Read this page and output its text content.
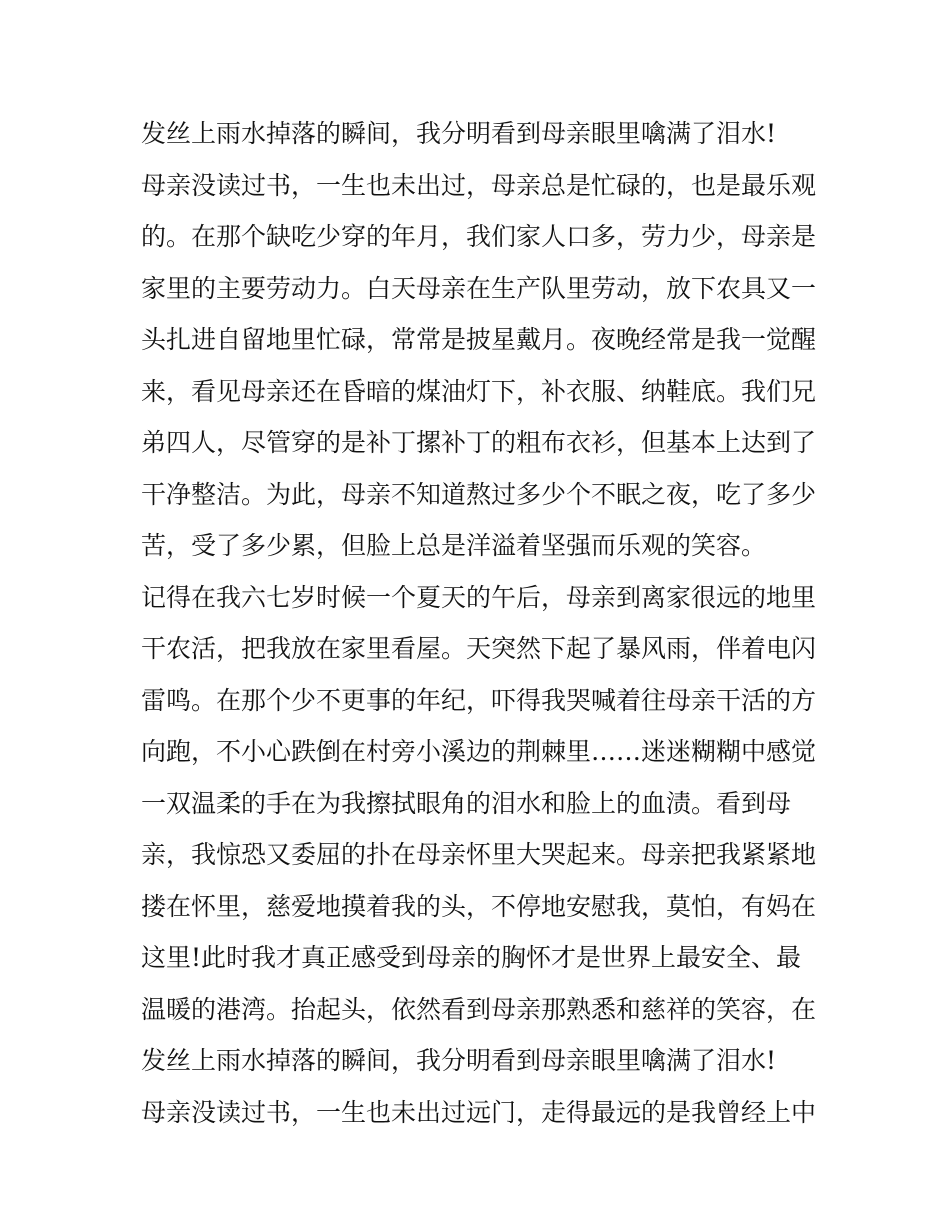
发丝上雨水掉落的瞬间，我分明看到母亲眼里噙满了泪水!
母亲没读过书，一生也未出过，母亲总是忙碌的，也是最乐观
的。在那个缺吃少穿的年月，我们家人口多，劳力少，母亲是
家里的主要劳动力。白天母亲在生产队里劳动，放下农具又一
头扎进自留地里忙碌，常常是披星戴月。夜晚经常是我一觉醒
来，看见母亲还在昏暗的煤油灯下，补衣服、纳鞋底。我们兄
弟四人，尽管穿的是补丁摞补丁的粗布衣衫，但基本上达到了
干净整洁。为此，母亲不知道熬过多少个不眠之夜，吃了多少
苦，受了多少累，但脸上总是洋溢着坚强而乐观的笑容。
记得在我六七岁时候一个夏天的午后，母亲到离家很远的地里
干农活，把我放在家里看屋。天突然下起了暴风雨，伴着电闪
雷鸣。在那个少不更事的年纪，吓得我哭喊着往母亲干活的方
向跑，不小心跌倒在村旁小溪边的荆棘里……迷迷糊糊中感觉
一双温柔的手在为我擦拭眼角的泪水和脸上的血渍。看到母
亲，我惊恐又委屈的扑在母亲怀里大哭起来。母亲把我紧紧地
搂在怀里，慈爱地摸着我的头，不停地安慰我，莫怕，有妈在
这里!此时我才真正感受到母亲的胸怀才是世界上最安全、最
温暖的港湾。抬起头，依然看到母亲那熟悉和慈祥的笑容，在
发丝上雨水掉落的瞬间，我分明看到母亲眼里噙满了泪水!
母亲没读过书，一生也未出过远门，走得最远的是我曾经上中
